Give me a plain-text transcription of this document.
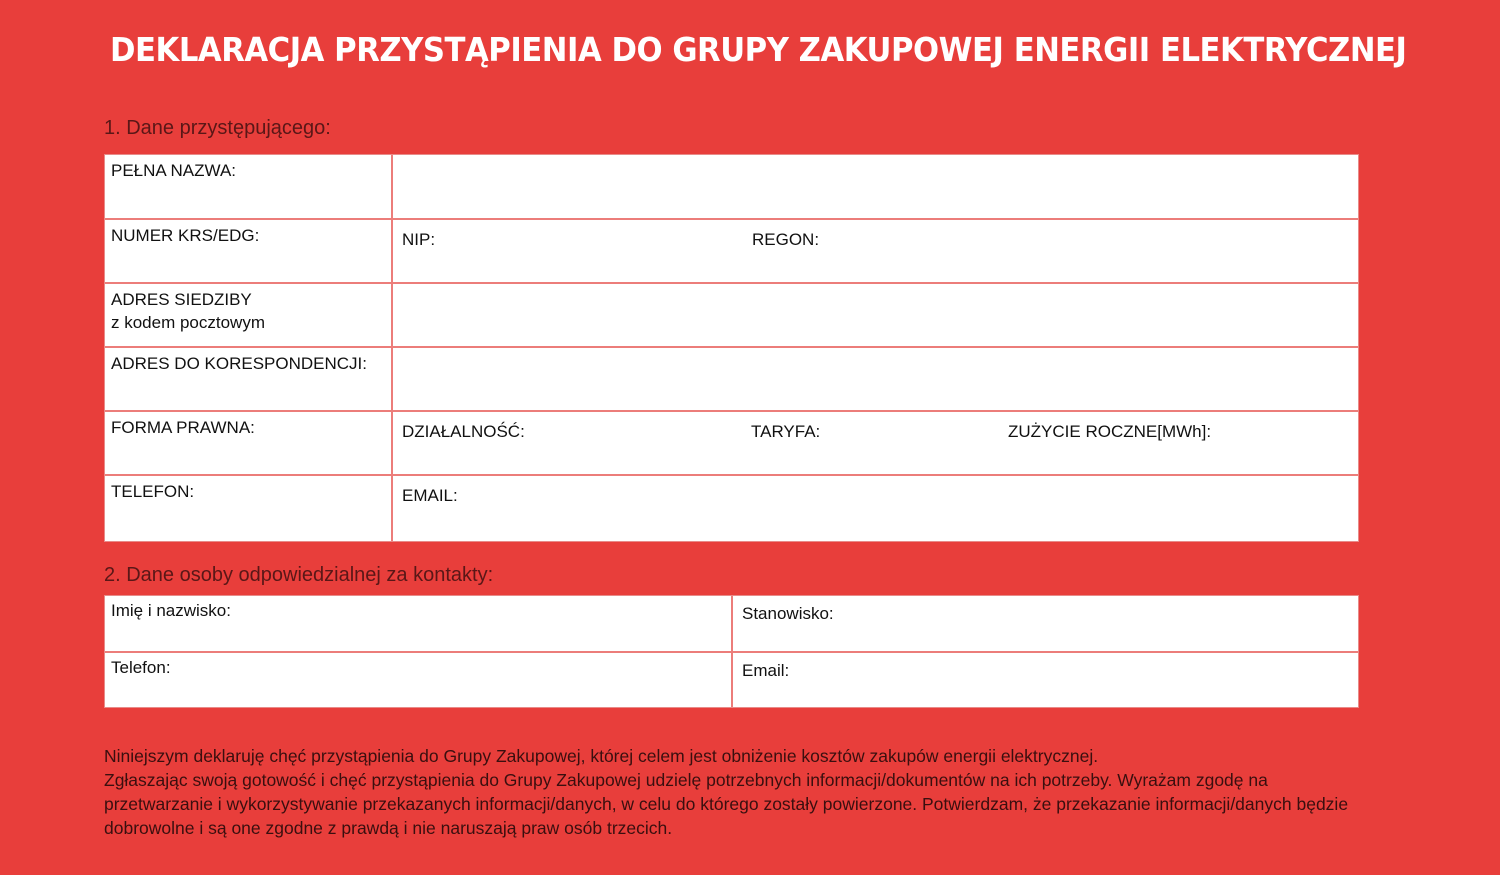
DEKLARACJA PRZYSTĄPIENIA DO GRUPY ZAKUPOWEJ ENERGII ELEKTRYCZNEJ
1. Dane przystępującego:
PEŁNA NAZWA:
NUMER KRS/EDG:	NIP:	REGON:
ADRES SIEDZIBY
z kodem pocztowym
ADRES DO KORESPONDENCJI:
FORMA PRAWNA:	DZIAŁALNOŚĆ:	TARYFA:	ZUŻYCIE ROCZNE[MWh]:
TELEFON:	EMAIL:
2. Dane osoby odpowiedzialnej za kontakty:
Imię i nazwisko:	Stanowisko:
Telefon:	Email:

Niniejszym deklaruję chęć przystąpienia do Grupy Zakupowej, której celem jest obniżenie kosztów zakupów energii elektrycznej.

Zgłaszając swoją gotowość i chęć przystąpienia do Grupy Zakupowej udzielę potrzebnych informacji/dokumentów na ich potrzeby. Wyrażam zgodę na przetwarzanie i wykorzystywanie przekazanych informacji/danych, w celu do którego zostały powierzone. Potwierdzam, że przekazanie informacji/danych będzie dobrowolne i są one zgodne z prawdą i nie naruszają praw osób trzecich.
